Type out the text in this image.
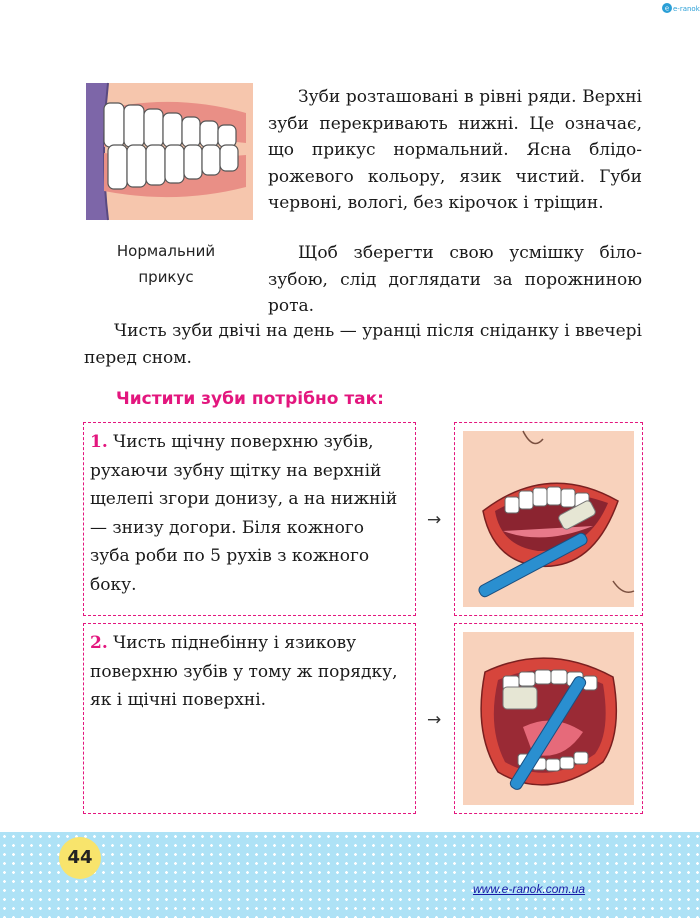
e e-ranok
Нормальний
прикус

Зуби розташовані в рівні ряди. Верхні зуби перекривають нижні. Це означає, що прикус нормальний. Ясна блідо-рожевого кольору, язик чистий. Губи червоні, вологі, без кірочок і тріщин.

Щоб зберегти свою усмішку білозубою, слід доглядати за порожниною рота.

Чисть зуби двічі на день — уранці після сніданку і ввечері перед сном.

Чистити зуби потрібно так:

1. Чисть щічну поверхню зубів, рухаючи зубну щітку на верхній щелепі згори донизу, а на нижній — знизу догори. Біля кожного зуба роби по 5 рухів з кожного боку.

→

2. Чисть піднебінну і язикову поверхню зубів у тому ж порядку, як і щічні поверхні.

→
44
www.e-ranok.com.ua
